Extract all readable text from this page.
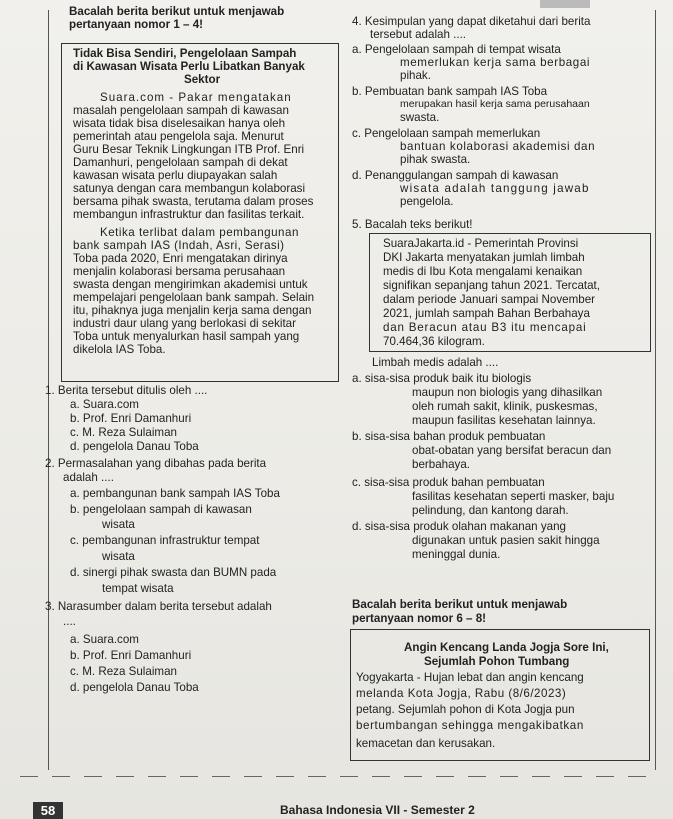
Bacalah berita berikut untuk menjawab
pertanyaan nomor 1 – 4!
Tidak Bisa Sendiri, Pengelolaan Sampah
di Kawasan Wisata Perlu Libatkan Banyak
Sektor
Suara.com - Pakar mengatakan
masalah pengelolaan sampah di kawasan
wisata tidak bisa diselesaikan hanya oleh
pemerintah atau pengelola saja. Menurut
Guru Besar Teknik Lingkungan ITB Prof. Enri
Damanhuri, pengelolaan sampah di dekat
kawasan wisata perlu diupayakan salah
satunya dengan cara membangun kolaborasi
bersama pihak swasta, terutama dalam proses
membangun infrastruktur dan fasilitas terkait.
Ketika terlibat dalam pembangunan
bank sampah IAS (Indah, Asri, Serasi)
Toba pada 2020, Enri mengatakan dirinya
menjalin kolaborasi bersama perusahaan
swasta dengan mengirimkan akademisi untuk
mempelajari pengelolaan bank sampah. Selain
itu, pihaknya juga menjalin kerja sama dengan
industri daur ulang yang berlokasi di sekitar
Toba untuk menyalurkan hasil sampah yang
dikelola IAS Toba.
1. Berita tersebut ditulis oleh ....
a. Suara.com
b. Prof. Enri Damanhuri
c. M. Reza Sulaiman
d. pengelola Danau Toba
2. Permasalahan yang dibahas pada berita
adalah ....
a. pembangunan bank sampah IAS Toba
b. pengelolaan sampah di kawasan
wisata
c. pembangunan infrastruktur tempat
wisata
d. sinergi pihak swasta dan BUMN pada
tempat wisata
3. Narasumber dalam berita tersebut adalah
....
a. Suara.com
b. Prof. Enri Damanhuri
c. M. Reza Sulaiman
d. pengelola Danau Toba
4. Kesimpulan yang dapat diketahui dari berita
tersebut adalah ....
a. Pengelolaan sampah di tempat wisata
memerlukan kerja sama berbagai
pihak.
b. Pembuatan bank sampah IAS Toba
merupakan hasil kerja sama perusahaan
swasta.
c. Pengelolaan sampah memerlukan
bantuan kolaborasi akademisi dan
pihak swasta.
d. Penanggulangan sampah di kawasan
wisata adalah tanggung jawab
pengelola.
5. Bacalah teks berikut!
SuaraJakarta.id - Pemerintah Provinsi
DKI Jakarta menyatakan jumlah limbah
medis di Ibu Kota mengalami kenaikan
signifikan sepanjang tahun 2021. Tercatat,
dalam periode Januari sampai November
2021, jumlah sampah Bahan Berbahaya
dan Beracun atau B3 itu mencapai
70.464,36 kilogram.
Limbah medis adalah ....
a. sisa-sisa produk baik itu biologis
maupun non biologis yang dihasilkan
oleh rumah sakit, klinik, puskesmas,
maupun fasilitas kesehatan lainnya.
b. sisa-sisa bahan produk pembuatan
obat-obatan yang bersifat beracun dan
berbahaya.
c. sisa-sisa produk bahan pembuatan
fasilitas kesehatan seperti masker, baju
pelindung, dan kantong darah.
d. sisa-sisa produk olahan makanan yang
digunakan untuk pasien sakit hingga
meninggal dunia.
Bacalah berita berikut untuk menjawab
pertanyaan nomor 6 – 8!
Angin Kencang Landa Jogja Sore Ini,
Sejumlah Pohon Tumbang
Yogyakarta - Hujan lebat dan angin kencang
melanda Kota Jogja, Rabu (8/6/2023)
petang. Sejumlah pohon di Kota Jogja pun
bertumbangan sehingga mengakibatkan
kemacetan dan kerusakan.
58	Bahasa Indonesia VII - Semester 2
